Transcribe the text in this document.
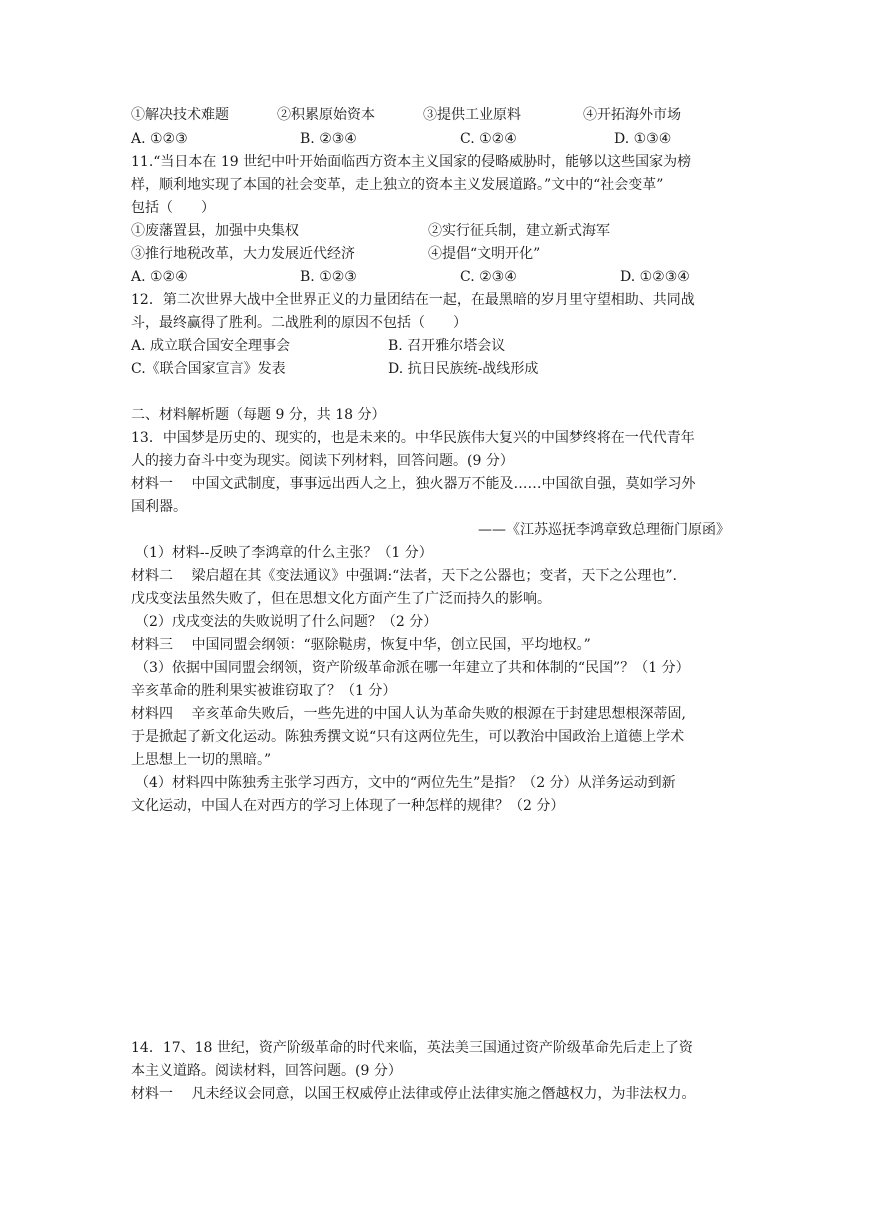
①解决技术难题	②积累原始资本	③提供工业原料	④开拓海外市场
A. ①②③	B. ②③④	C. ①②④	D. ①③④
11.“当日本在 19 世纪中叶开始面临西方资本主义国家的侵略威胁时，能够以这些国家为榜
样，顺利地实现了本国的社会变革，走上独立的资本主义发展道路。”文中的“社会变革”
包括（　　）
①废藩置县，加强中央集权	②实行征兵制，建立新式海军
③推行地税改革，大力发展近代经济	④提倡“文明开化”
A. ①②④	B. ①②③	C. ②③④	D. ①②③④
12．第二次世界大战中全世界正义的力量团结在一起，在最黑暗的岁月里守望相助、共同战
斗，最终赢得了胜利。二战胜利的原因不包括（　　）
A. 成立联合国安全理事会	B. 召开雅尔塔会议
C.《联合国家宣言》发表	D. 抗日民族统-战线形成
二、材料解析题（每题 9 分，共 18 分）
13．中国梦是历史的、现实的，也是未来的。中华民族伟大复兴的中国梦终将在一代代青年
人的接力奋斗中变为现实。阅读下列材料，回答问题。(9 分）
材料一　 中国文武制度，事事远出西人之上，独火器万不能及……中国欲自强，莫如学习外
国利器。
——《江苏巡抚李鸿章致总理衙门原函》
（1）材料--反映了李鸿章的什么主张？（1 分）
材料二　 梁启超在其《变法通议》中强调:“法者，天下之公器也；变者，天下之公理也”.
戊戌变法虽然失败了，但在思想文化方面产生了广泛而持久的影响。
（2）戊戌变法的失败说明了什么问题？（2 分）
材料三　 中国同盟会纲领：“驱除鞑虏，恢复中华，创立民国，平均地权。”
（3）依据中国同盟会纲领，资产阶级革命派在哪一年建立了共和体制的“民国”？（1 分）
辛亥革命的胜利果实被谁窃取了？（1 分）
材料四　 辛亥革命失败后，一些先进的中国人认为革命失败的根源在于封建思想根深蒂固,
于是掀起了新文化运动。陈独秀撰文说“只有这两位先生，可以教治中国政治上道德上学术
上思想上一切的黑暗。”
（4）材料四中陈独秀主张学习西方，文中的“两位先生”是指？（2 分）从洋务运动到新
文化运动，中国人在对西方的学习上体现了一种怎样的规律？（2 分）
14．17、18 世纪，资产阶级革命的时代来临，英法美三国通过资产阶级革命先后走上了资
本主义道路。阅读材料，回答问题。(9 分）
材料一　 凡未经议会同意，以国王权威停止法律或停止法律实施之僭越权力，为非法权力。
